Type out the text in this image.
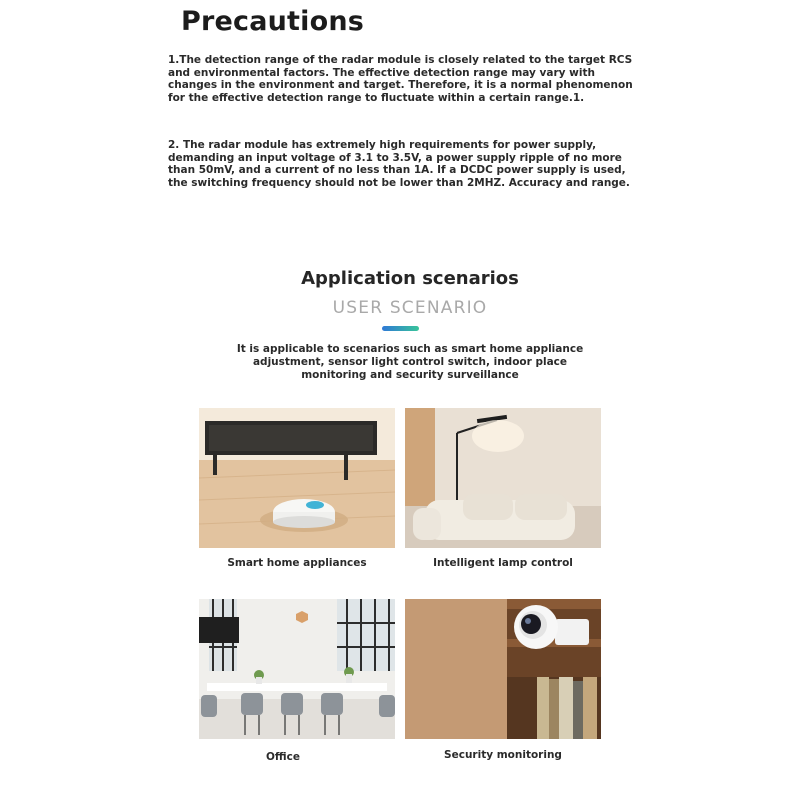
Precautions
1.The detection range of the radar module is closely related to the target RCS and environmental factors. The effective detection range may vary with changes in the environment and target. Therefore, it is a normal phenomenon for the effective detection range to fluctuate within a certain range.1.
2. The radar module has extremely high requirements for power supply, demanding an input voltage of 3.1 to 3.5V, a power supply ripple of no more than 50mV, and a current of no less than 1A. If a DCDC power supply is used, the switching frequency should not be lower than 2MHZ. Accuracy and range.
Application scenarios
USER SCENARIO
It is applicable to scenarios such as smart home appliance adjustment, sensor light control switch, indoor place monitoring and security surveillance
Smart home appliances	Intelligent lamp control
Office	Security monitoring
